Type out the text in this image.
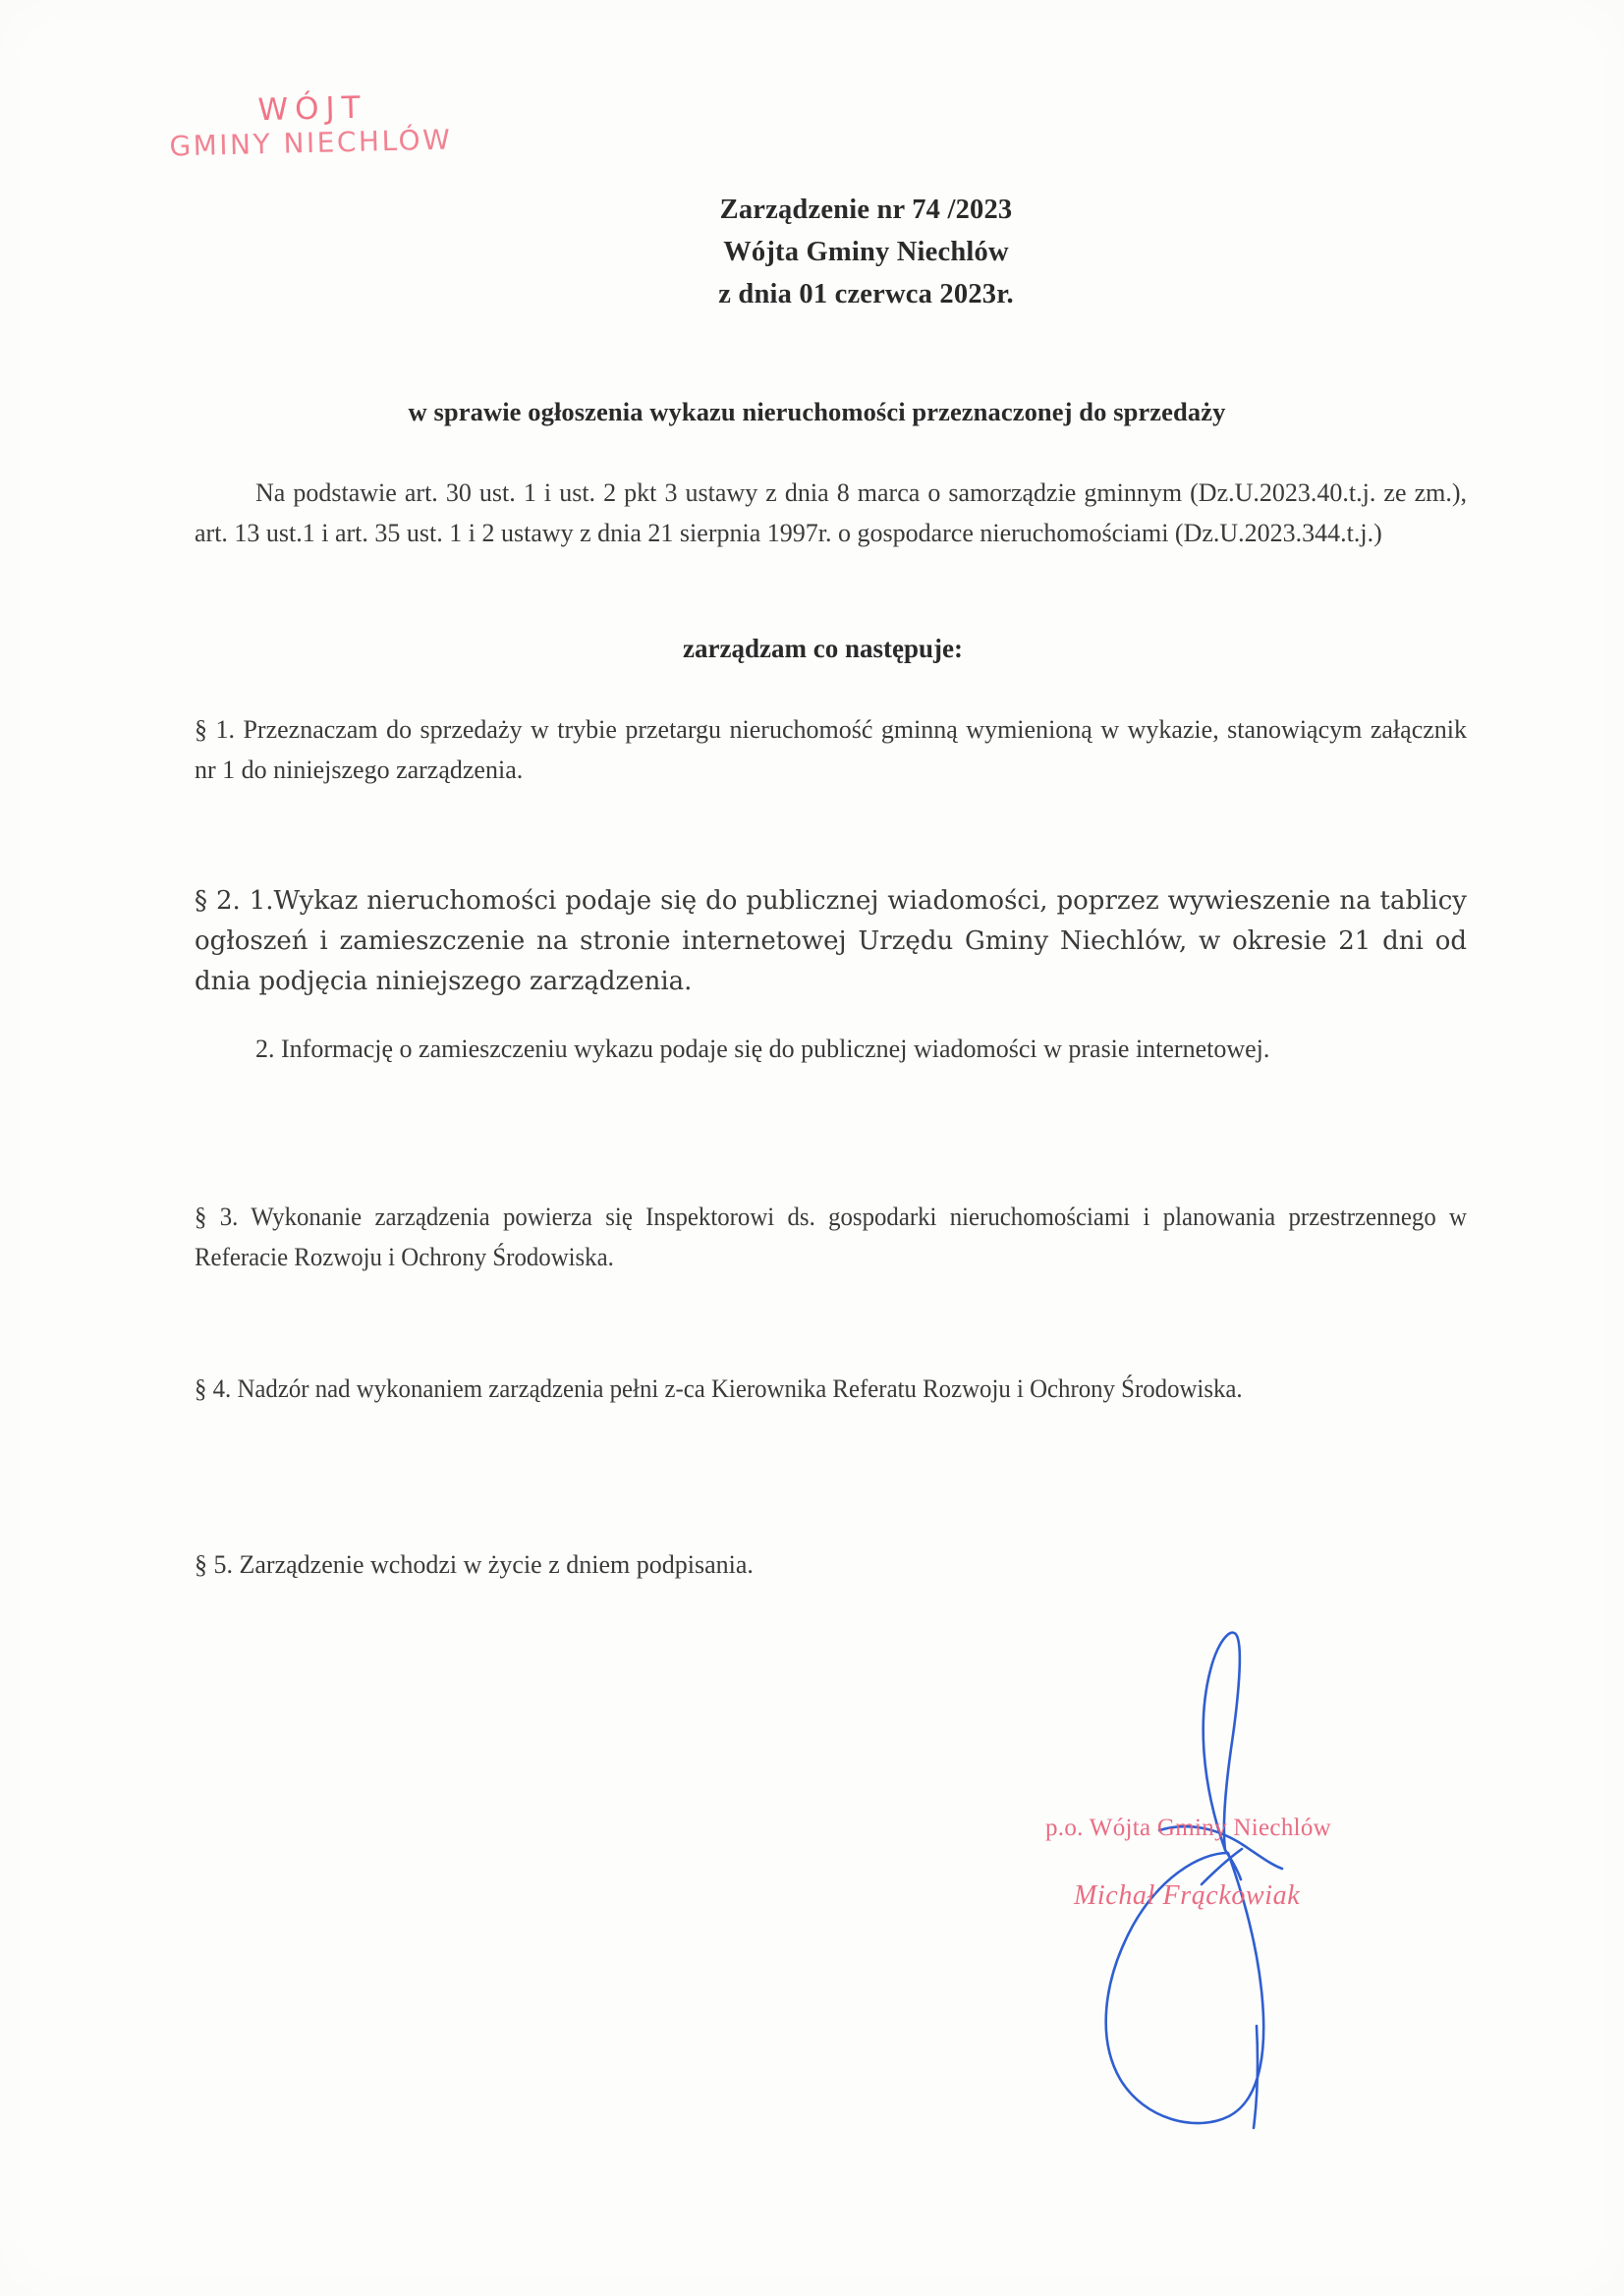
WÓJT
GMINY NIECHLÓW
Zarządzenie nr 74 /2023
Wójta Gminy Niechlów
z dnia 01 czerwca 2023r.
w sprawie ogłoszenia wykazu nieruchomości przeznaczonej do sprzedaży

Na podstawie art. 30 ust. 1 i ust. 2 pkt 3 ustawy z dnia 8 marca o samorządzie gminnym (Dz.U.2023.40.t.j. ze zm.), art. 13 ust.1 i art. 35 ust. 1 i 2 ustawy z dnia 21 sierpnia 1997r. o gospodarce nieruchomościami (Dz.U.2023.344.t.j.)

zarządzam co następuje:

§ 1. Przeznaczam do sprzedaży w trybie przetargu nieruchomość gminną wymienioną w wykazie, stanowiącym załącznik nr 1 do niniejszego zarządzenia.

§ 2. 1.Wykaz nieruchomości podaje się do publicznej wiadomości, poprzez wywieszenie na tablicy ogłoszeń i zamieszczenie na stronie internetowej Urzędu Gminy Niechlów, w okresie 21 dni od dnia podjęcia niniejszego zarządzenia.

2. Informację o zamieszczeniu wykazu podaje się do publicznej wiadomości w prasie internetowej.

§ 3. Wykonanie zarządzenia powierza się Inspektorowi ds. gospodarki nieruchomościami i planowania przestrzennego w Referacie Rozwoju i Ochrony Środowiska.

§ 4. Nadzór nad wykonaniem zarządzenia pełni z-ca Kierownika Referatu Rozwoju i Ochrony Środowiska.

§ 5. Zarządzenie wchodzi w życie z dniem podpisania.

p.o. Wójta Gminy Niechlów
Michał Frąckowiak
